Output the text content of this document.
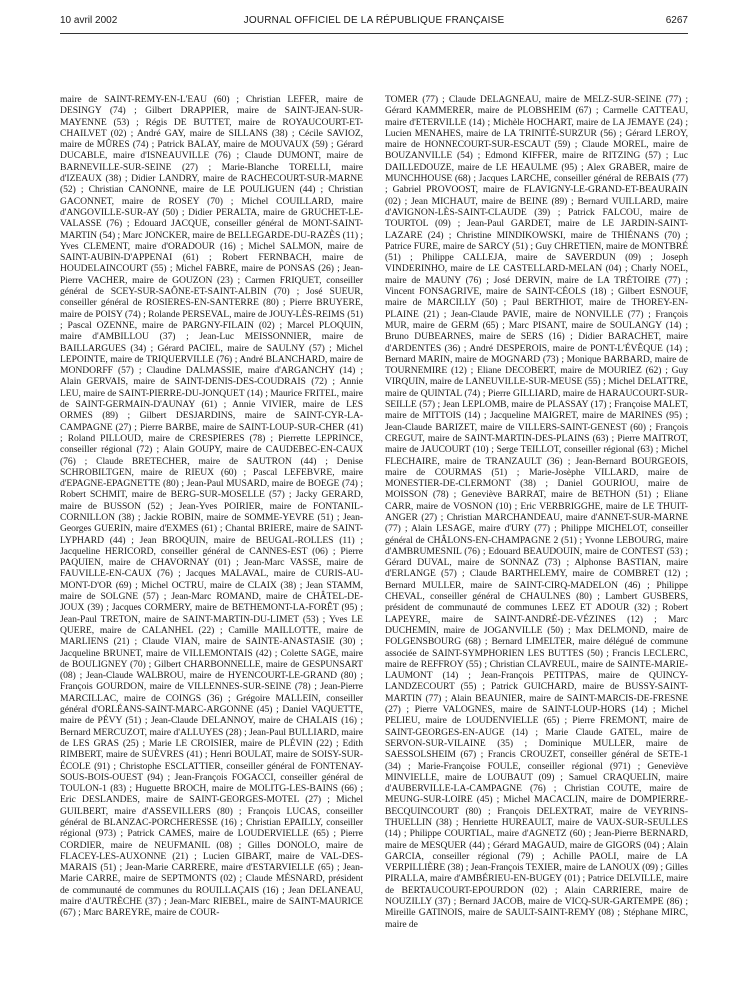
10 avril 2002	JOURNAL OFFICIEL DE LA RÉPUBLIQUE FRANÇAISE	6267

maire de SAINT-REMY-EN-L'EAU (60) ; Christian LEFER, maire de DESINGY (74) ; Gilbert DRAPPIER, maire de SAINT-JEAN-SUR-MAYENNE (53) ; Régis DE BUTTET, maire de ROYAUCOURT-ET-CHAILVET (02) ; André GAY, maire de SILLANS (38) ; Cécile SAVIOZ, maire de MÛRES (74) ; Patrick BALAY, maire de MOUVAUX (59) ; Gérard DUCABLE, maire d'ISNEAUVILLE (76) ; Claude DUMONT, maire de BARNEVILLE-SUR-SEINE (27) ; Marie-Blanche TORELLI, maire d'IZEAUX (38) ; Didier LANDRY, maire de RACHECOURT-SUR-MARNE (52) ; Christian CANONNE, maire de LE POULIGUEN (44) ; Christian GACONNET, maire de ROSEY (70) ; Michel COUILLARD, maire d'ANGOVILLE-SUR-AY (50) ; Didier PERALTA, maire de GRUCHET-LE-VALASSE (76) ; Edouard JACQUE, conseiller général de MONT-SAINT-MARTIN (54) ; Marc JONCKER, maire de BELLEGARDE-DU-RAZÈS (11) ; Yves CLEMENT, maire d'ORADOUR (16) ; Michel SALMON, maire de SAINT-AUBIN-D'APPENAI (61) ; Robert FERNBACH, maire de HOUDELAINCOURT (55) ; Michel FABRE, maire de PONSAS (26) ; Jean-Pierre VACHER, maire de GOUZON (23) ; Carmen FRIQUET, conseiller général de SCEY-SUR-SAÔNE-ET-SAINT-ALBIN (70) ; José SUEUR, conseiller général de ROSIERES-EN-SANTERRE (80) ; Pierre BRUYERE, maire de POISY (74) ; Rolande PERSEVAL, maire de JOUY-LÈS-REIMS (51) ; Pascal OZENNE, maire de PARGNY-FILAIN (02) ; Marcel PLOQUIN, maire d'AMBILLOU (37) ; Jean-Luc MEISSONNIER, maire de BAILLARGUES (34) ; Gérard PACIEL, maire de SAULNY (57) ; Michel LEPOINTE, maire de TRIQUERVILLE (76) ; André BLANCHARD, maire de MONDORFF (57) ; Claudine DALMASSIE, maire d'ARGANCHY (14) ; Alain GERVAIS, maire de SAINT-DENIS-DES-COUDRAIS (72) ; Annie LEU, maire de SAINT-PIERRE-DU-JONQUET (14) ; Maurice FRITEL, maire de SAINT-GERMAIN-D'AUNAY (61) ; Annie VIVIER, maire de LES ORMES (89) ; Gilbert DESJARDINS, maire de SAINT-CYR-LA-CAMPAGNE (27) ; Pierre BARBE, maire de SAINT-LOUP-SUR-CHER (41) ; Roland PILLOUD, maire de CRESPIERES (78) ; Pierrette LEPRINCE, conseiller régional (72) ; Alain GOUPY, maire de CAUDEBEC-EN-CAUX (76) ; Claude BRETECHER, maire de SAUTRON (44) ; Denise SCHROBILTGEN, maire de RIEUX (60) ; Pascal LEFEBVRE, maire d'EPAGNE-EPAGNETTE (80) ; Jean-Paul MUSARD, maire de BOEGE (74) ; Robert SCHMIT, maire de BERG-SUR-MOSELLE (57) ; Jacky GERARD, maire de BUSSON (52) ; Jean-Yves POIRIER, maire de FONTANIL-CORNILLON (38) ; Jackie ROBIN, maire de SOMME-YEVRE (51) ; Jean-Georges GUERIN, maire d'EXMES (61) ; Chantal BRIERE, maire de SAINT-LYPHARD (44) ; Jean BROQUIN, maire de BEUGAL-ROLLES (11) ; Jacqueline HERICORD, conseiller général de CANNES-EST (06) ; Pierre PAQUIEN, maire de CHAVORNAY (01) ; Jean-Marc VASSE, maire de FAUVILLE-EN-CAUX (76) ; Jacques MALAVAL, maire de CURIS-AU-MONT-D'OR (69) ; Michel OCTRU, maire de CLAIX (38) ; Jean STAMM, maire de SOLGNE (57) ; Jean-Marc ROMAND, maire de CHÂTEL-DE-JOUX (39) ; Jacques CORMERY, maire de BETHEMONT-LA-FORÊT (95) ; Jean-Paul TRETON, maire de SAINT-MARTIN-DU-LIMET (53) ; Yves LE QUERE, maire de CALANHEL (22) ; Camille MAILLOTTE, maire de MARLIENS (21) ; Claude VIAN, maire de SAINTE-ANASTASIE (30) ; Jacqueline BRUNET, maire de VILLEMONTAIS (42) ; Colette SAGE, maire de BOULIGNEY (70) ; Gilbert CHARBONNELLE, maire de GESPUNSART (08) ; Jean-Claude WALBROU, maire de HYENCOURT-LE-GRAND (80) ; François GOURDON, maire de VILLENNES-SUR-SEINE (78) ; Jean-Pierre MARCILLAC, maire de COINGS (36) ; Grégoire MALLEIN, conseiller général d'ORLÉANS-SAINT-MARC-ARGONNE (45) ; Daniel VAQUETTE, maire de PÉVY (51) ; Jean-Claude DELANNOY, maire de CHALAIS (16) ; Bernard MERCUZOT, maire d'ALLUYES (28) ; Jean-Paul BULLIARD, maire de LES GRAS (25) ; Marie LE CROISIER, maire de PLÉVIN (22) ; Edith RIMBERT, maire de SUÈVRES (41) ; Henri BOULAT, maire de SOISY-SUR-ÉCOLE (91) ; Christophe ESCLATTIER, conseiller général de FONTENAY-SOUS-BOIS-OUEST (94) ; Jean-François FOGACCI, conseiller général de TOULON-1 (83) ; Huguette BROCH, maire de MOLITG-LES-BAINS (66) ; Eric DESLANDES, maire de SAINT-GEORGES-MOTEL (27) ; Michel GUILBERT, maire d'ASSEVILLERS (80) ; François LUCAS, conseiller général de BLANZAC-PORCHERESSE (16) ; Christian EPAILLY, conseiller régional (973) ; Patrick CAMES, maire de LOUDERVIELLE (65) ; Pierre CORDIER, maire de NEUFMANIL (08) ; Gilles DONOLO, maire de FLACEY-LES-AUXONNE (21) ; Lucien GIBART, maire de VAL-DES-MARAIS (51) ; Jean-Marie CARRERE, maire d'ESTARVIELLE (65) ; Jean-Marie CARRE, maire de SEPTMONTS (02) ; Claude MÉSNARD, président de communauté de communes du ROUILLAÇAIS (16) ; Jean DELANEAU, maire d'AUTRÈCHE (37) ; Jean-Marc RIEBEL, maire de SAINT-MAURICE (67) ; Marc BAREYRE, maire de COUR-

TOMER (77) ; Claude DELAGNEAU, maire de MELZ-SUR-SEINE (77) ; Gérard KAMMERER, maire de PLOBSHEIM (67) ; Carmelle CATTEAU, maire d'ETERVILLE (14) ; Michèle HOCHART, maire de LA JEMAYE (24) ; Lucien MENAHES, maire de LA TRINITÉ-SURZUR (56) ; Gérard LEROY, maire de HONNECOURT-SUR-ESCAUT (59) ; Claude MOREL, maire de BOUZANVILLE (54) ; Edmond KIFFER, maire de RITZING (57) ; Luc DAILLEDOUZE, maire de LE HEAULME (95) ; Alex GRABER, maire de MUNCHHOUSE (68) ; Jacques LARCHE, conseiller général de REBAIS (77) ; Gabriel PROVOOST, maire de FLAVIGNY-LE-GRAND-ET-BEAURAIN (02) ; Jean MICHAUT, maire de BEINE (89) ; Bernard VUILLARD, maire d'AVIGNON-LÈS-SAINT-CLAUDE (39) ; Patrick FALCOU, maire de TOURTOL (09) ; Jean-Paul GARDET, maire de LE JARDIN-SAINT-LAZARE (24) ; Christine MINDIKOWSKI, maire de THIÉNANS (70) ; Patrice FURE, maire de SARCY (51) ; Guy CHRETIEN, maire de MONTBRÉ (51) ; Philippe CALLEJA, maire de SAVERDUN (09) ; Joseph VINDERINHO, maire de LE CASTELLARD-MELAN (04) ; Charly NOEL, maire de MAUNY (76) ; José DERVIN, maire de LA TRÉTOIRE (77) ; Vincent FONSAGRIVE, maire de SAINT-CÉOLS (18) ; Gilbert ESNOUF, maire de MARCILLY (50) ; Paul BERTHIOT, maire de THOREY-EN-PLAINE (21) ; Jean-Claude PAVIE, maire de NONVILLE (77) ; François MUR, maire de GERM (65) ; Marc PISANT, maire de SOULANGY (14) ; Bruno DUBEARNES, maire de SERS (16) ; Didier BARACHET, maire d'ARDENTES (36) ; André DESPEROIS, maire de PONT-L'ÉVÊQUE (14) ; Bernard MARIN, maire de MOGNARD (73) ; Monique BARBARD, maire de TOURNEMIRE (12) ; Eliane DECOBERT, maire de MOURIEZ (62) ; Guy VIRQUIN, maire de LANEUVILLE-SUR-MEUSE (55) ; Michel DELATTRE, maire de QUINTAL (74) ; Pierre GILLIARD, maire de HARAUCOURT-SUR-SEILLE (57) ; Jean LEPLOMB, maire de PLASSAY (17) ; Françoise MALET, maire de MITTOIS (14) ; Jacqueline MAIGRET, maire de MARINES (95) ; Jean-Claude BARIZET, maire de VILLERS-SAINT-GENEST (60) ; François CREGUT, maire de SAINT-MARTIN-DES-PLAINS (63) ; Pierre MAITROT, maire de JAUCOURT (10) ; Serge TEILLOT, conseiller régional (63) ; Michel FLECHAIRE, maire de TRANZAULT (36) ; Jean-Bernard BOURGEOIS, maire de COURMAS (51) ; Marie-Josèphe VILLARD, maire de MONESTIER-DE-CLERMONT (38) ; Daniel GOURIOU, maire de MOISSON (78) ; Geneviève BARRAT, maire de BETHON (51) ; Eliane CARR, maire de VOSNON (10) ; Eric VERBRIGGHE, maire de LE THUIT-ANGER (27) ; Christian MARCHANDEAU, maire d'ANNET-SUR-MARNE (77) ; Alain LESAGE, maire d'URY (77) ; Philippe MICHELOT, conseiller général de CHÂLONS-EN-CHAMPAGNE 2 (51) ; Yvonne LEBOURG, maire d'AMBRUMESNIL (76) ; Edouard BEAUDOUIN, maire de CONTEST (53) ; Gérard DUVAL, maire de SONNAZ (73) ; Alphonse BASTIAN, maire d'ERLANGE (57) ; Claude BARTHELEMY, maire de COMBRET (12) ; Bernard MULLER, maire de SAINT-CIRQ-MADELON (46) ; Philippe CHEVAL, conseiller général de CHAULNES (80) ; Lambert GUSBERS, président de communauté de communes LEEZ ET ADOUR (32) ; Robert LAPEYRE, maire de SAINT-ANDRÉ-DE-VÉZINES (12) ; Marc DUCHEMIN, maire de JOGANVILLE (50) ; Max DELMOND, maire de FOLGENSBOURG (68) ; Bernard LIMELTER, maire délégué de commune associée de SAINT-SYMPHORIEN LES BUTTES (50) ; Francis LECLERC, maire de REFFROY (55) ; Christian CLAVREUL, maire de SAINTE-MARIE-LAUMONT (14) ; Jean-François PETITPAS, maire de QUINCY-LANDZECOURT (55) ; Patrick GUICHARD, maire de BUSSY-SAINT-MARTIN (77) ; Alain BEAUNIER, maire de SAINT-MARCIS-DE-FRESNE (27) ; Pierre VALOGNES, maire de SAINT-LOUP-HORS (14) ; Michel PELIEU, maire de LOUDENVIELLE (65) ; Pierre FREMONT, maire de SAINT-GEORGES-EN-AUGE (14) ; Marie Claude GATEL, maire de SERVON-SUR-VILAINE (35) ; Dominique MULLER, maire de SAESSOLSHEIM (67) ; Francis CROUZET, conseiller général de SETE-1 (34) ; Marie-Françoise FOULE, conseiller régional (971) ; Geneviève MINVIELLE, maire de LOUBAUT (09) ; Samuel CRAQUELIN, maire d'AUBERVILLE-LA-CAMPAGNE (76) ; Christian COUTE, maire de MEUNG-SUR-LOIRE (45) ; Michel MACACLIN, maire de DOMPIERRE-BECQUINCOURT (80) ; François DELEXTRAT, maire de VEYRINS-THUELLIN (38) ; Henriette HUREAULT, maire de VAUX-SUR-SEULLES (14) ; Philippe COURTIAL, maire d'AGNETZ (60) ; Jean-Pierre BERNARD, maire de MESQUER (44) ; Gérard MAGAUD, maire de GIGORS (04) ; Alain GARCIA, conseiller régional (79) ; Achille PAOLI, maire de LA VERPILLIÈRE (38) ; Jean-François TEXIER, maire de LANOUX (09) ; Gilles PIRALLA, maire d'AMBÉRIEU-EN-BUGEY (01) ; Patrice DELVILLE, maire de BERTAUCOURT-EPOURDON (02) ; Alain CARRIERE, maire de NOUZILLY (37) ; Bernard JACOB, maire de VICQ-SUR-GARTEMPE (86) ; Mireille GATINOIS, maire de SAULT-SAINT-REMY (08) ; Stéphane MIRC, maire de
